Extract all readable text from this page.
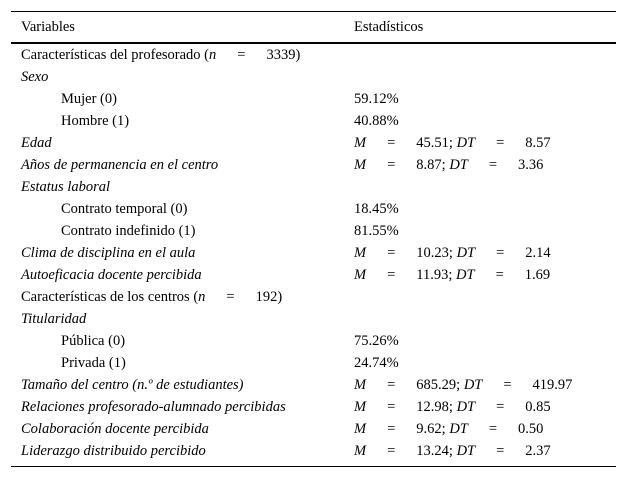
Variables	Estadísticos
Características del profesorado (n = 3339)
Sexo
Mujer (0)	59.12%
Hombre (1)	40.88%
Edad	M = 45.51; DT = 8.57
Años de permanencia en el centro	M = 8.87; DT = 3.36
Estatus laboral
Contrato temporal (0)	18.45%
Contrato indefinido (1)	81.55%
Clima de disciplina en el aula	M = 10.23; DT = 2.14
Autoeficacia docente percibida	M = 11.93; DT = 1.69
Características de los centros (n = 192)
Titularidad
Pública (0)	75.26%
Privada (1)	24.74%
Tamaño del centro (n.º de estudiantes)	M = 685.29; DT = 419.97
Relaciones profesorado-alumnado percibidas	M = 12.98; DT = 0.85
Colaboración docente percibida	M = 9.62; DT = 0.50
Liderazgo distribuido percibido	M = 13.24; DT = 2.37
